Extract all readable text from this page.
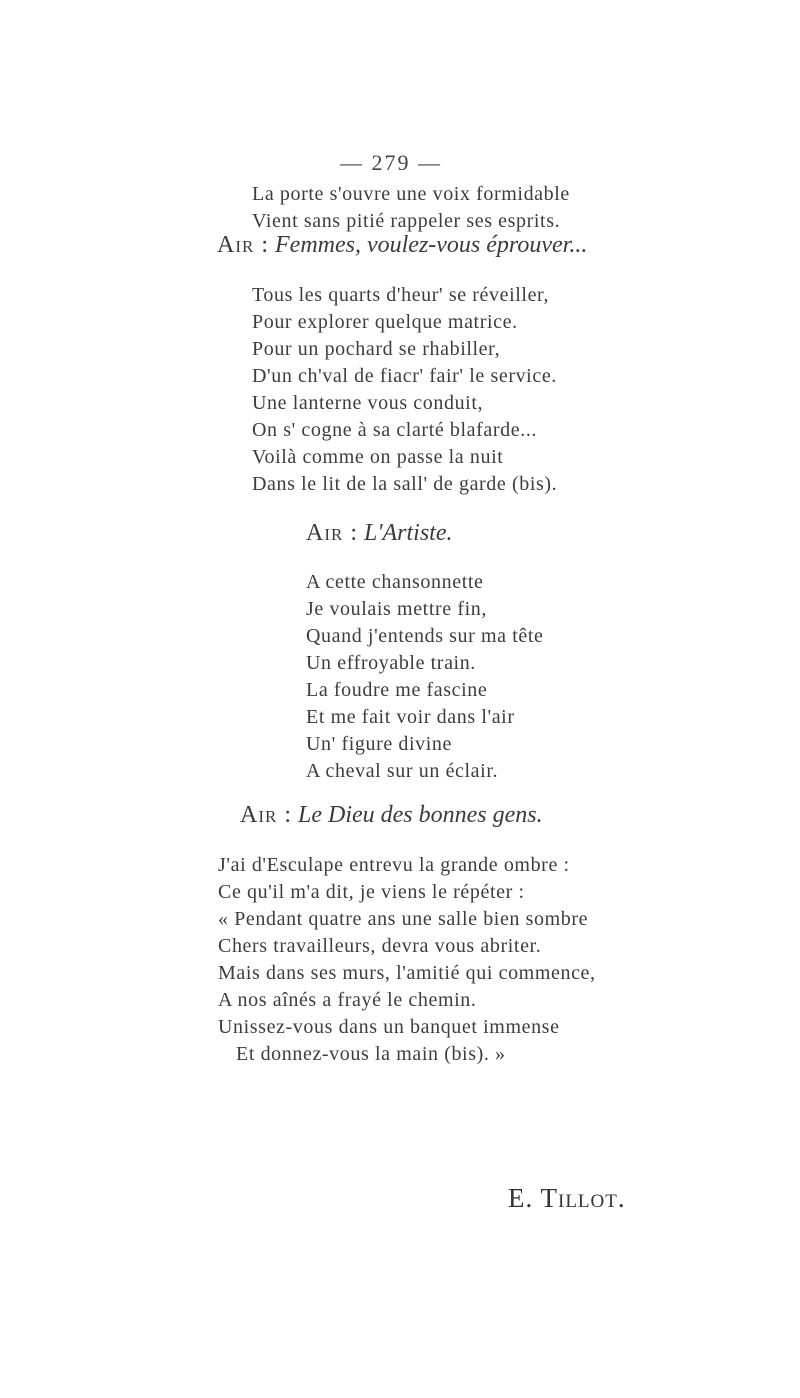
— 279 —
La porte s'ouvre une voix formidable
Vient sans pitié rappeler ses esprits.
Air : Femmes, voulez-vous éprouver...
Tous les quarts d'heur' se réveiller,
Pour explorer quelque matrice.
Pour un pochard se rhabiller,
D'un ch'val de fiacr' fair' le service.
Une lanterne vous conduit,
On s' cogne à sa clarté blafarde...
Voilà comme on passe la nuit
Dans le lit de la sall' de garde (bis).
Air : L'Artiste.
A cette chansonnette
Je voulais mettre fin,
Quand j'entends sur ma tête
Un effroyable train.
La foudre me fascine
Et me fait voir dans l'air
Un' figure divine
A cheval sur un éclair.
Air : Le Dieu des bonnes gens.
J'ai d'Esculape entrevu la grande ombre :
Ce qu'il m'a dit, je viens le répéter :
« Pendant quatre ans une salle bien sombre
Chers travailleurs, devra vous abriter.
Mais dans ses murs, l'amitié qui commence,
A nos aînés a frayé le chemin.
Unissez-vous dans un banquet immense
Et donnez-vous la main (bis). »
E. Tillot.
